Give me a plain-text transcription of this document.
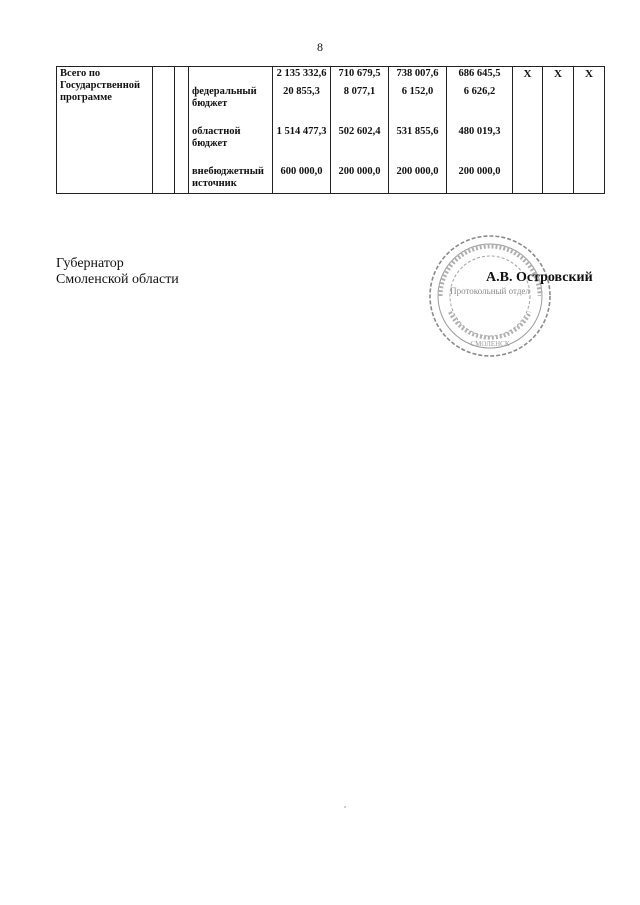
8
Всего по Государственной программе				2 135 332,6	710 679,5	738 007,6	686 645,5	X	X	X
			федеральный бюджет	20 855,3	8 077,1	6 152,0	6 626,2			
			областной бюджет	1 514 477,3	502 602,4	531 855,6	480 019,3			
			внебюджетный источник	600 000,0	200 000,0	200 000,0	200 000,0			
Губернатор
Смоленской области
Протокольный отдел
СМОЛЕНСК
А.В. Островский
